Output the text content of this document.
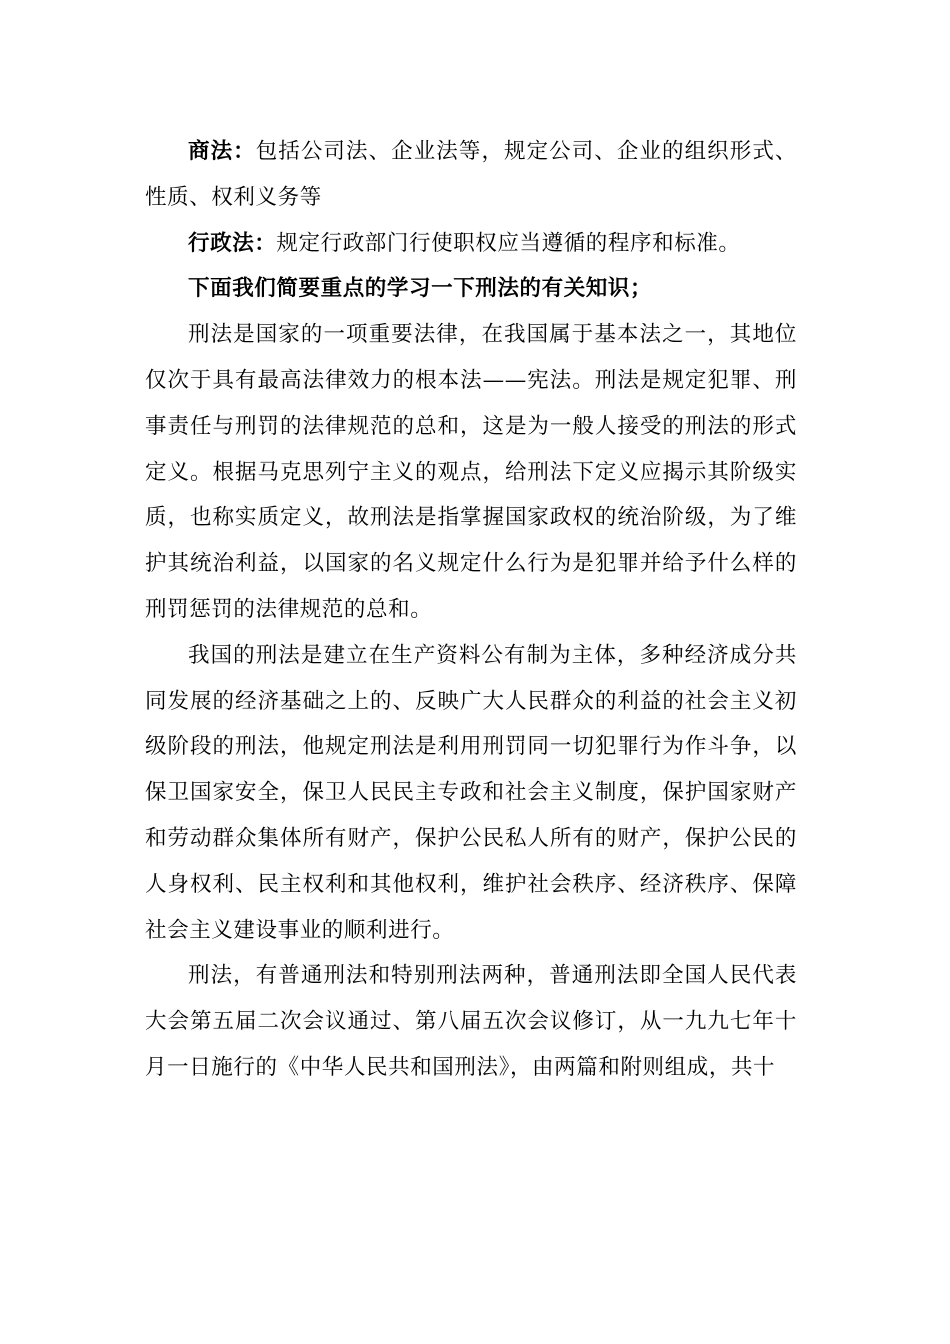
商法：包括公司法、企业法等，规定公司、企业的组织形式、性质、权利义务等

行政法：规定行政部门行使职权应当遵循的程序和标准。

下面我们简要重点的学习一下刑法的有关知识；

刑法是国家的一项重要法律，在我国属于基本法之一，其地位仅次于具有最高法律效力的根本法——宪法。刑法是规定犯罪、刑事责任与刑罚的法律规范的总和，这是为一般人接受的刑法的形式定义。根据马克思列宁主义的观点，给刑法下定义应揭示其阶级实质，也称实质定义，故刑法是指掌握国家政权的统治阶级，为了维护其统治利益，以国家的名义规定什么行为是犯罪并给予什么样的刑罚惩罚的法律规范的总和。

我国的刑法是建立在生产资料公有制为主体，多种经济成分共同发展的经济基础之上的、反映广大人民群众的利益的社会主义初级阶段的刑法，他规定刑法是利用刑罚同一切犯罪行为作斗争，以保卫国家安全，保卫人民民主专政和社会主义制度，保护国家财产和劳动群众集体所有财产，保护公民私人所有的财产，保护公民的人身权利、民主权利和其他权利，维护社会秩序、经济秩序、保障社会主义建设事业的顺利进行。

刑法，有普通刑法和特别刑法两种，普通刑法即全国人民代表大会第五届二次会议通过、第八届五次会议修订，从一九九七年十月一日施行的《中华人民共和国刑法》，由两篇和附则组成，共十
